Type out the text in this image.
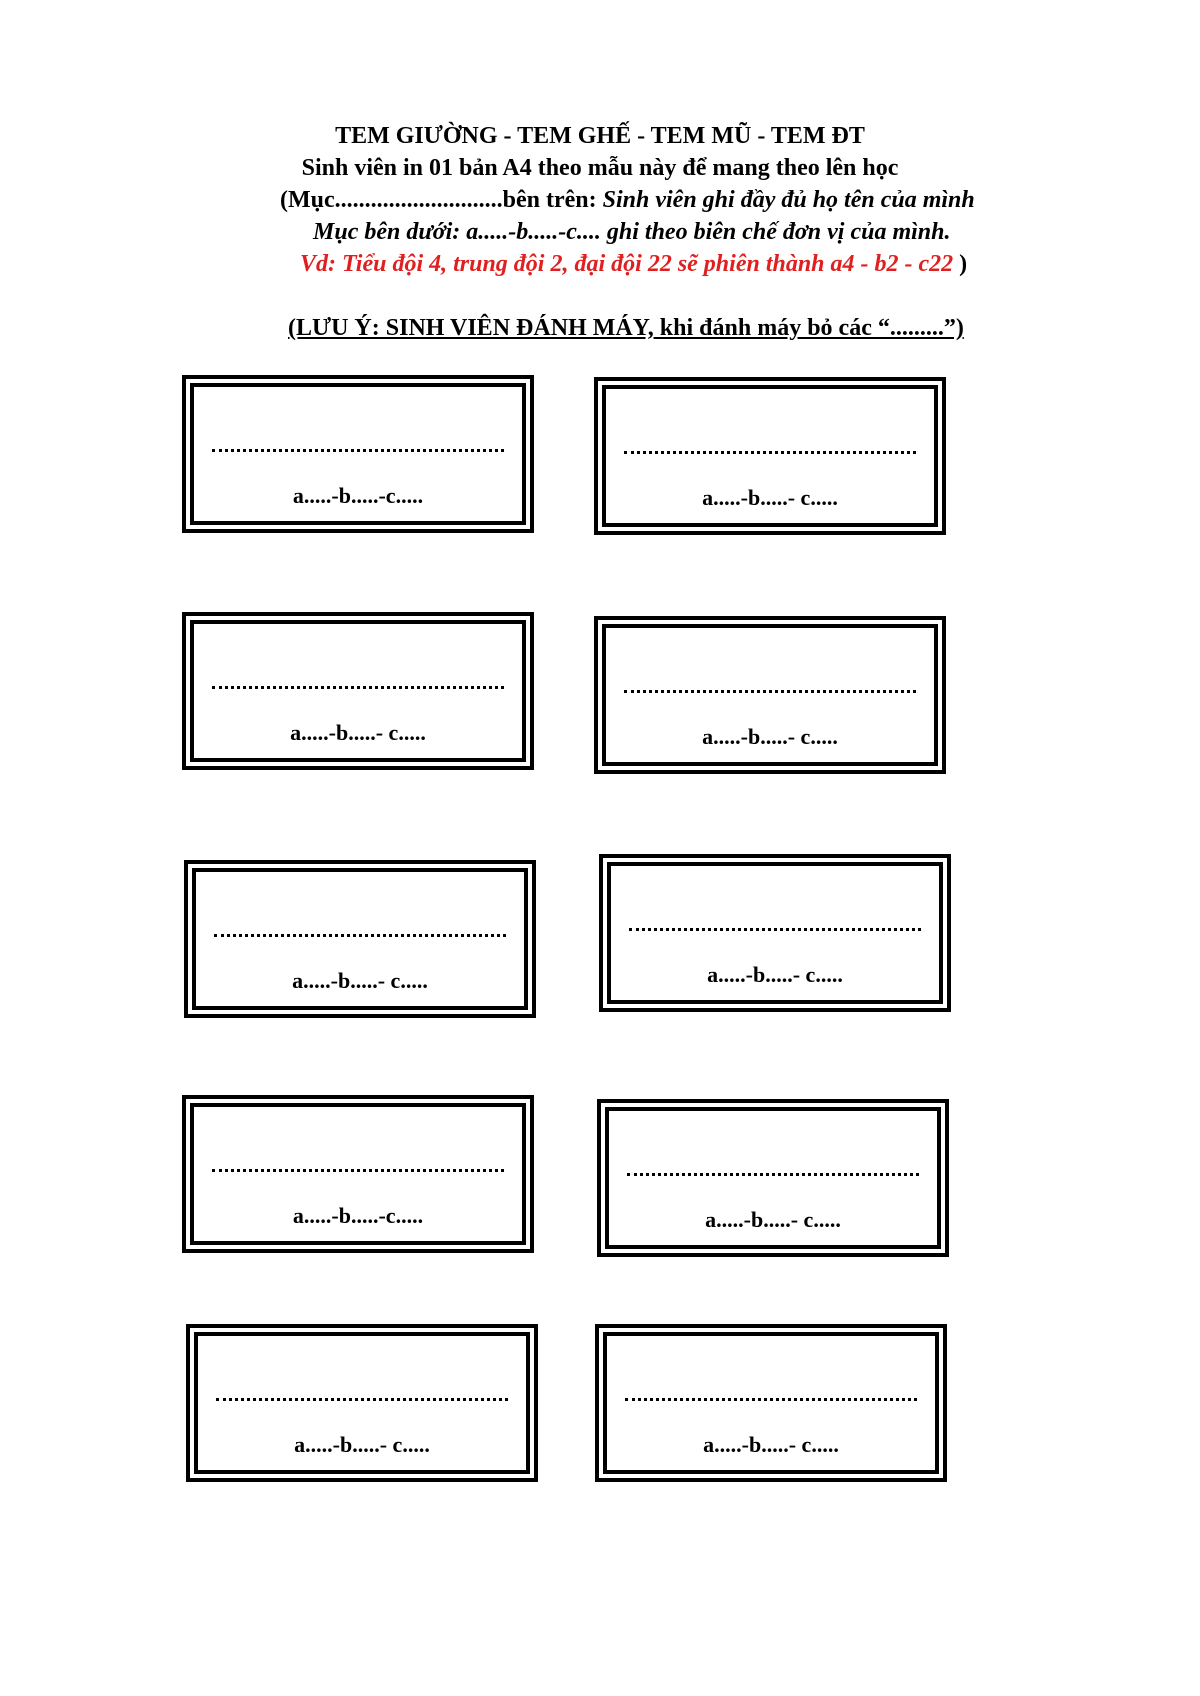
TEM GIƯỜNG - TEM GHẾ - TEM MŨ - TEM ĐT
Sinh viên in 01 bản A4 theo mẫu này để mang theo lên học
(Mục............................bên trên: Sinh viên ghi đầy đủ họ tên của mình
Mục bên dưới: a.....-b.....-c.... ghi theo biên chế đơn vị của mình.
Vd: Tiểu đội 4, trung đội 2, đại đội 22 sẽ phiên thành a4 - b2 - c22 )
(LƯU Ý: SINH VIÊN ĐÁNH MÁY, khi đánh máy bỏ các “.........”)
a.....-b.....-c.....	a.....-b.....- c.....
a.....-b.....- c.....	a.....-b.....- c.....
a.....-b.....- c.....	a.....-b.....- c.....
a.....-b.....-c.....	a.....-b.....- c.....
a.....-b.....- c.....	a.....-b.....- c.....
